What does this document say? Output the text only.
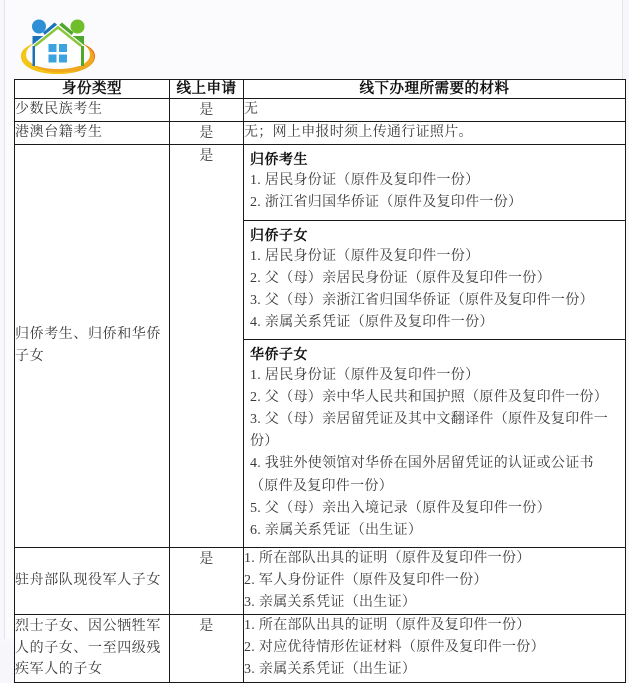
身份类型	线上申请	线下办理所需要的材料
少数民族考生	是	无
港澳台籍考生	是	无；网上申报时须上传通行证照片。
归侨考生、归侨和华侨子女	是		归侨考生
1. 居民身份证（原件及复印件一份）
2. 浙江省归国华侨证（原件及复印件一份）

归侨子女
1. 居民身份证（原件及复印件一份）
2. 父（母）亲居民身份证（原件及复印件一份）
3. 父（母）亲浙江省归国华侨证（原件及复印件一份）
4. 亲属关系凭证（原件及复印件一份）

华侨子女
1. 居民身份证（原件及复印件一份）
2. 父（母）亲中华人民共和国护照（原件及复印件一份）
3. 父（母）亲居留凭证及其中文翻译件（原件及复印件一份）
4. 我驻外使领馆对华侨在国外居留凭证的认证或公证书（原件及复印件一份）
5. 父（母）亲出入境记录（原件及复印件一份）
6. 亲属关系凭证（出生证）

驻舟部队现役军人子女	是	1. 所在部队出具的证明（原件及复印件一份）
2. 军人身份证件（原件及复印件一份）
3. 亲属关系凭证（出生证）

烈士子女、因公牺牲军人的子女、一至四级残疾军人的子女	是	1. 所在部队出具的证明（原件及复印件一份）
2. 对应优待情形佐证材料（原件及复印件一份）
3. 亲属关系凭证（出生证）
